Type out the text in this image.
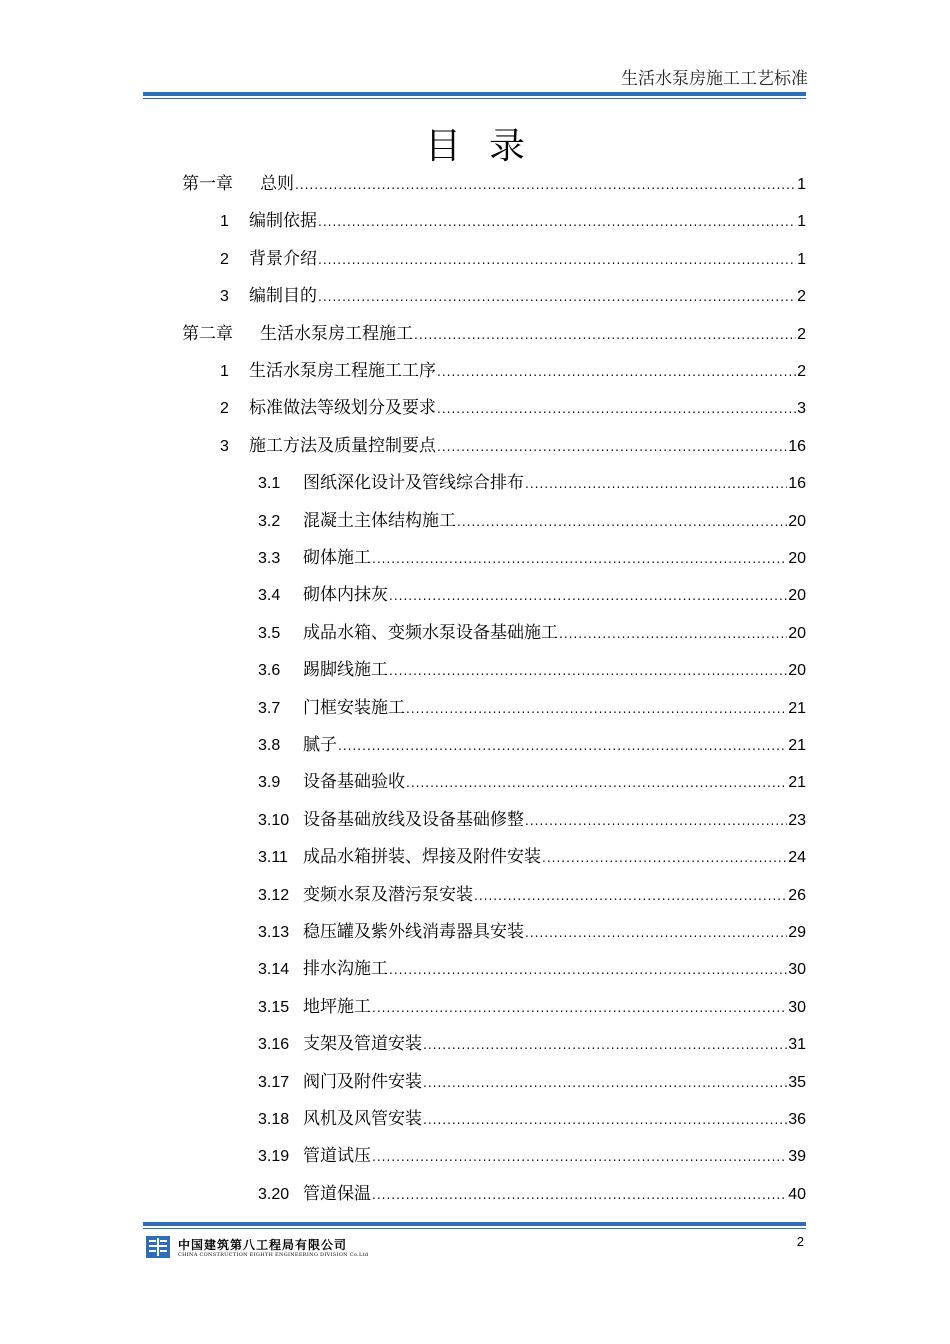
生活水泵房施工工艺标准
目录
第一章	总则 .....	1
1	编制依据 .....	1
2	背景介绍 .....	1
3	编制目的 .....	2
第二章	生活水泵房工程施工 .....	2
1	生活水泵房工程施工工序 .....	2
2	标准做法等级划分及要求 .....	3
3	施工方法及质量控制要点 .....	16
3.1	图纸深化设计及管线综合排布 .....	16
3.2	混凝土主体结构施工 .....	20
3.3	砌体施工 .....	20
3.4	砌体内抹灰 .....	20
3.5	成品水箱、变频水泵设备基础施工 .....	20
3.6	踢脚线施工 .....	20
3.7	门框安装施工 .....	21
3.8	腻子 .....	21
3.9	设备基础验收 .....	21
3.10 设备基础放线及设备基础修整 .....	23
3.11 成品水箱拼装、焊接及附件安装 .....	24
3.12 变频水泵及潜污泵安装 .....	26
3.13 稳压罐及紫外线消毒器具安装 .....	29
3.14 排水沟施工 .....	30
3.15 地坪施工 .....	30
3.16 支架及管道安装 .....	31
3.17 阀门及附件安装 .....	35
3.18 风机及风管安装 .....	36
3.19 管道试压 .....	39
3.20 管道保温 .....	40
中国建筑第八工程局有限公司
CHINA CONSTRUCTION EIGHTH ENGINEERING DIVISION Co.Ltd
2
